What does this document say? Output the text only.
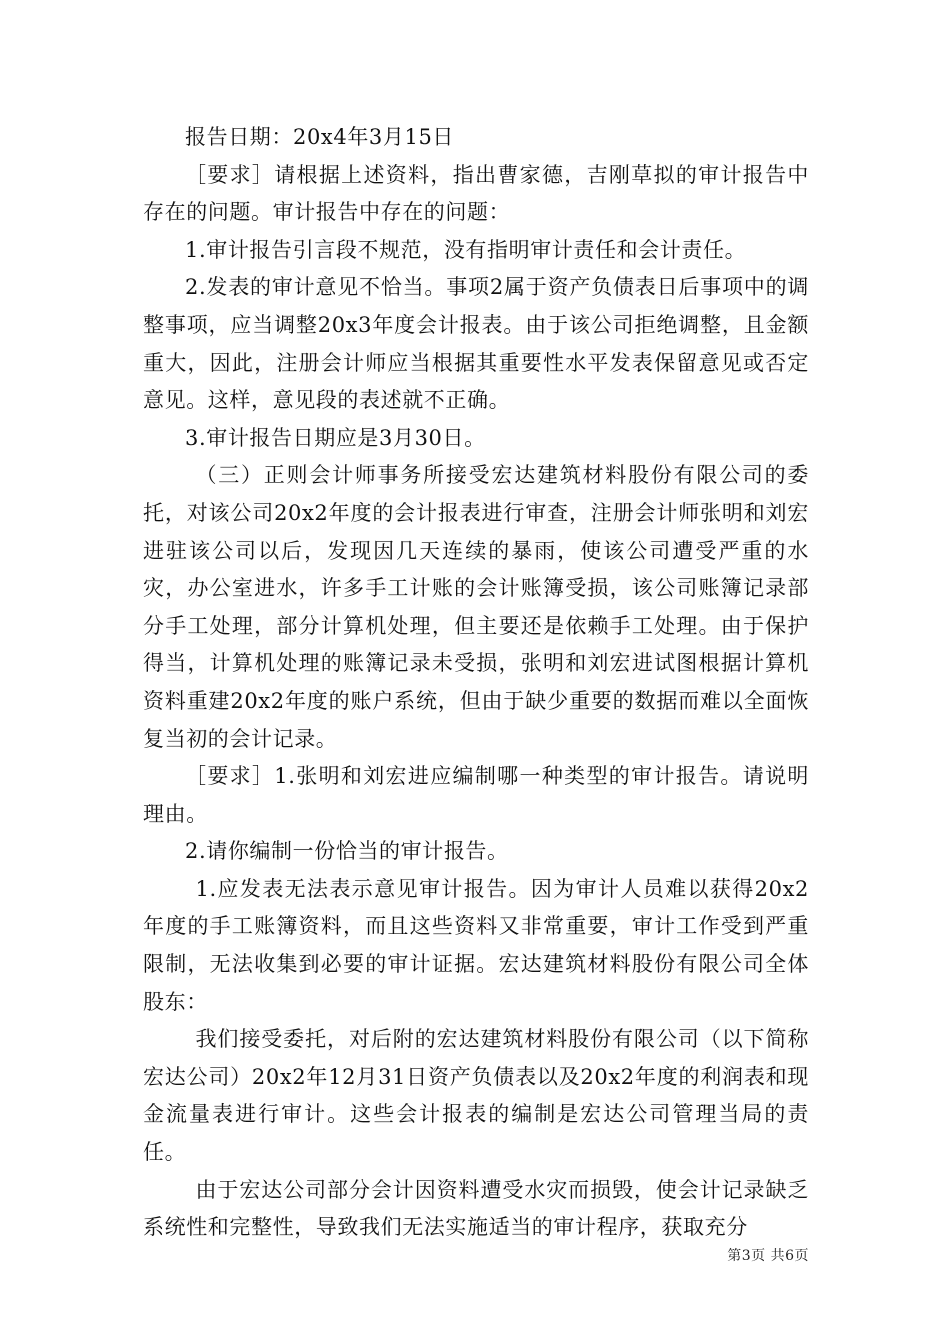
报告日期：20x4年3月15日

［要求］请根据上述资料，指出曹家德，吉刚草拟的审计报告中存在的问题。审计报告中存在的问题：

1.审计报告引言段不规范，没有指明审计责任和会计责任。

2.发表的审计意见不恰当。事项2属于资产负债表日后事项中的调整事项，应当调整20x3年度会计报表。由于该公司拒绝调整，且金额重大，因此，注册会计师应当根据其重要性水平发表保留意见或否定意见。这样，意见段的表述就不正确。

3.审计报告日期应是3月30日。

（三）正则会计师事务所接受宏达建筑材料股份有限公司的委托，对该公司20x2年度的会计报表进行审查，注册会计师张明和刘宏进驻该公司以后，发现因几天连续的暴雨，使该公司遭受严重的水灾，办公室进水，许多手工计账的会计账簿受损，该公司账簿记录部分手工处理，部分计算机处理，但主要还是依赖手工处理。由于保护得当，计算机处理的账簿记录未受损，张明和刘宏进试图根据计算机资料重建20x2年度的账户系统，但由于缺少重要的数据而难以全面恢复当初的会计记录。

［要求］1.张明和刘宏进应编制哪一种类型的审计报告。请说明理由。

2.请你编制一份恰当的审计报告。

1.应发表无法表示意见审计报告。因为审计人员难以获得20x2年度的手工账簿资料，而且这些资料又非常重要，审计工作受到严重限制，无法收集到必要的审计证据。宏达建筑材料股份有限公司全体股东：

我们接受委托，对后附的宏达建筑材料股份有限公司（以下简称宏达公司）20x2年12月31日资产负债表以及20x2年度的利润表和现金流量表进行审计。这些会计报表的编制是宏达公司管理当局的责任。

由于宏达公司部分会计因资料遭受水灾而损毁，使会计记录缺乏系统性和完整性，导致我们无法实施适当的审计程序，获取充分

第3页 共6页
